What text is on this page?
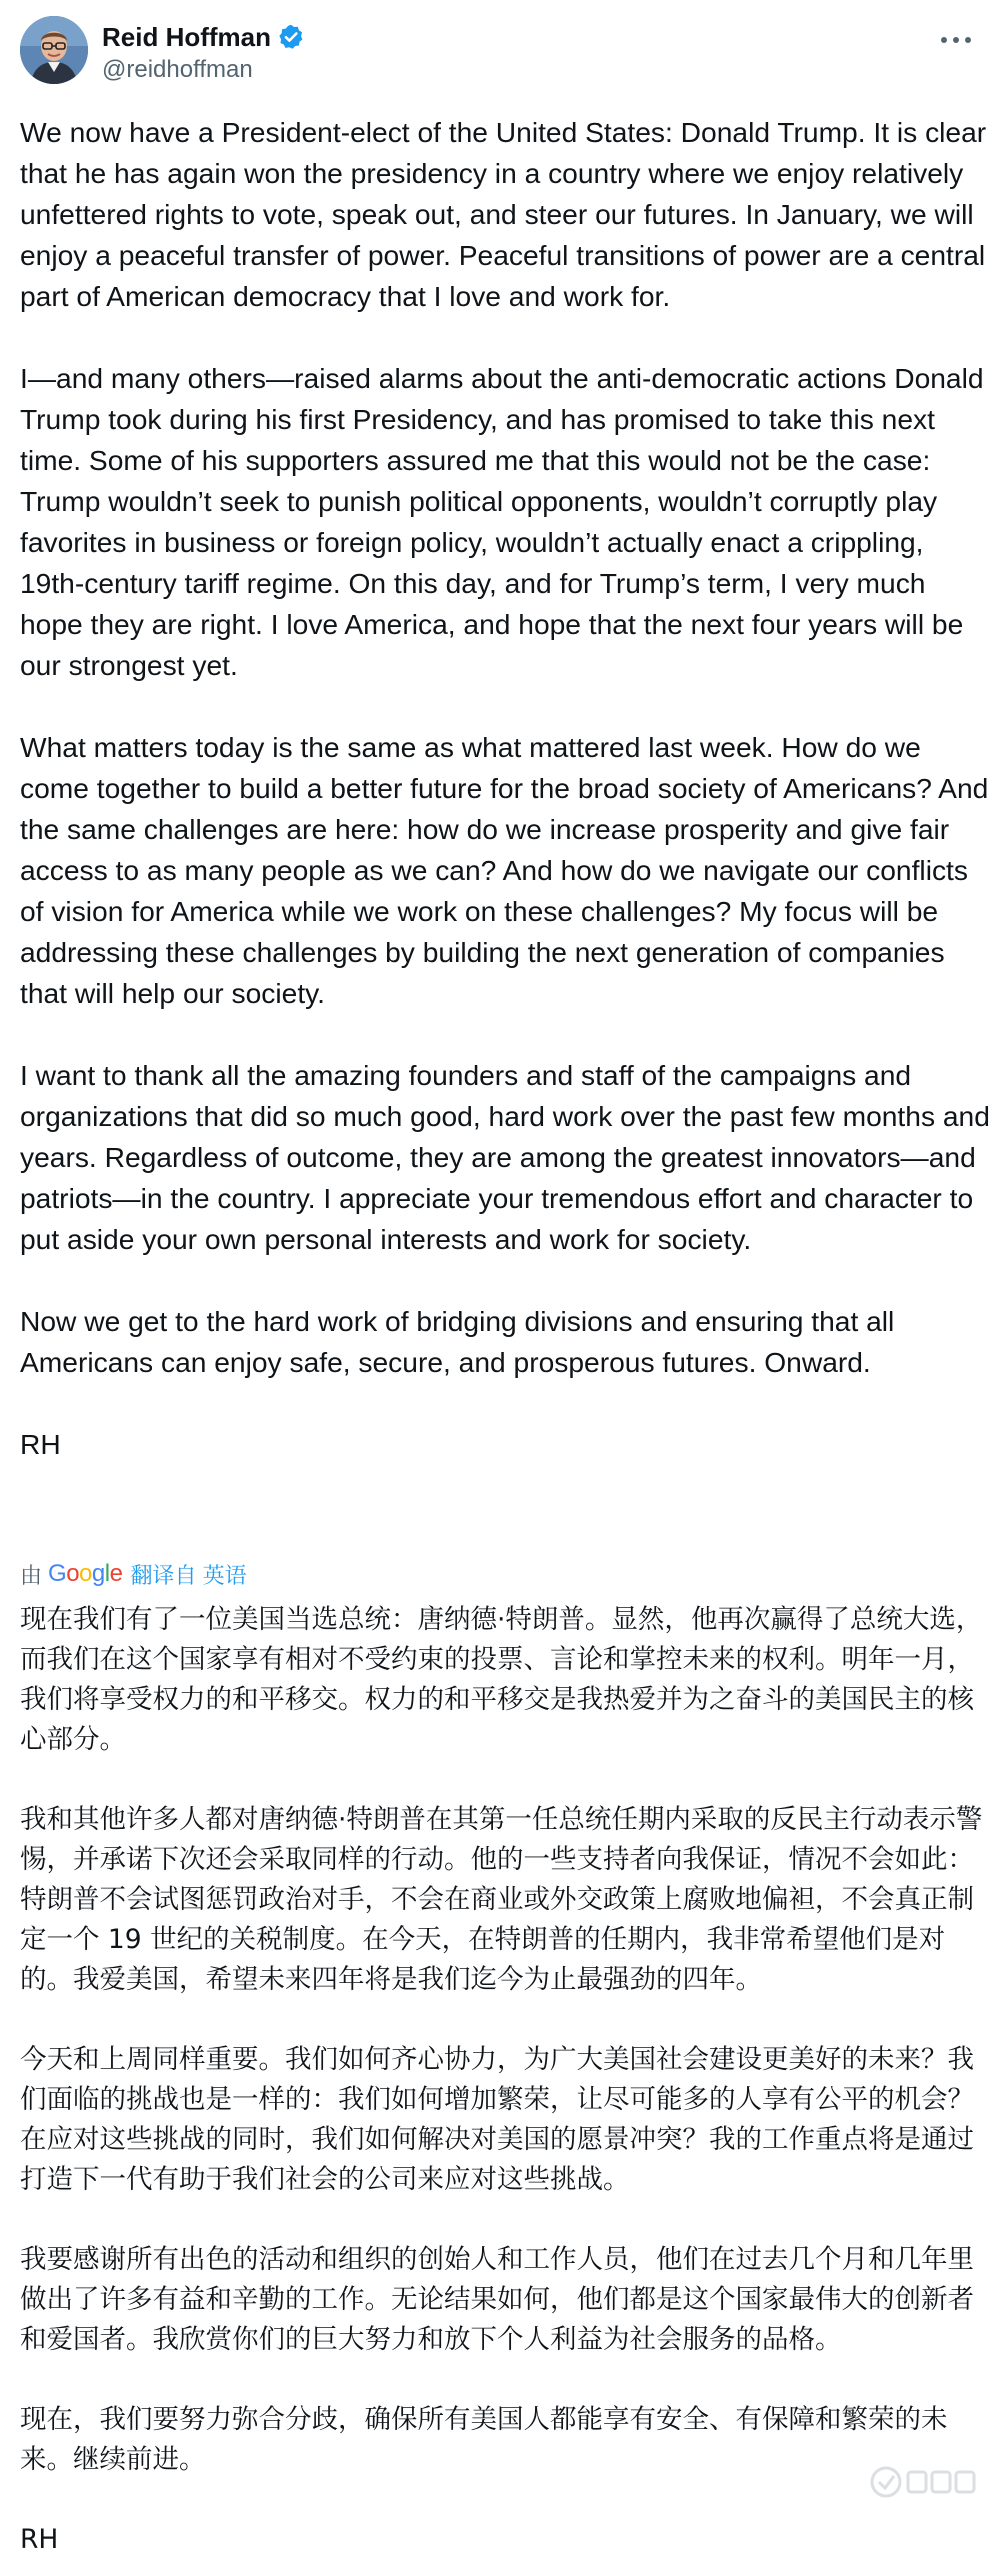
Reid Hoffman
@reidhoffman

We now have a President-elect of the United States: Donald Trump. It is clear that he has again won the presidency in a country where we enjoy relatively unfettered rights to vote, speak out, and steer our futures. In January, we will enjoy a peaceful transfer of power. Peaceful transitions of power are a central part of American democracy that I love and work for.

I—and many others—raised alarms about the anti-democratic actions Donald Trump took during his first Presidency, and has promised to take this next time. Some of his supporters assured me that this would not be the case: Trump wouldn’t seek to punish political opponents, wouldn’t corruptly play favorites in business or foreign policy, wouldn’t actually enact a crippling, 19th-century tariff regime. On this day, and for Trump’s term, I very much hope they are right. I love America, and hope that the next four years will be our strongest yet.

What matters today is the same as what mattered last week. How do we come together to build a better future for the broad society of Americans? And the same challenges are here: how do we increase prosperity and give fair access to as many people as we can? And how do we navigate our conflicts of vision for America while we work on these challenges? My focus will be addressing these challenges by building the next generation of companies that will help our society.

I want to thank all the amazing founders and staff of the campaigns and organizations that did so much good, hard work over the past few months and years. Regardless of outcome, they are among the greatest innovators—and patriots—in the country. I appreciate your tremendous effort and character to put aside your own personal interests and work for society.

Now we get to the hard work of bridging divisions and ensuring that all Americans can enjoy safe, secure, and prosperous futures. Onward.

RH

由 Google 翻译自 英语

现在我们有了一位美国当选总统：唐纳德·特朗普。显然，他再次赢得了总统大选，而我们在这个国家享有相对不受约束的投票、言论和掌控未来的权利。明年一月，我们将享受权力的和平移交。权力的和平移交是我热爱并为之奋斗的美国民主的核心部分。

我和其他许多人都对唐纳德·特朗普在其第一任总统任期内采取的反民主行动表示警惕，并承诺下次还会采取同样的行动。他的一些支持者向我保证，情况不会如此：特朗普不会试图惩罚政治对手，不会在商业或外交政策上腐败地偏袒，不会真正制定一个 19 世纪的关税制度。在今天，在特朗普的任期内，我非常希望他们是对的。我爱美国，希望未来四年将是我们迄今为止最强劲的四年。

今天和上周同样重要。我们如何齐心协力，为广大美国社会建设更美好的未来？我们面临的挑战也是一样的：我们如何增加繁荣，让尽可能多的人享有公平的机会？在应对这些挑战的同时，我们如何解决对美国的愿景冲突？我的工作重点将是通过打造下一代有助于我们社会的公司来应对这些挑战。

我要感谢所有出色的活动和组织的创始人和工作人员，他们在过去几个月和几年里做出了许多有益和辛勤的工作。无论结果如何，他们都是这个国家最伟大的创新者和爱国者。我欣赏你们的巨大努力和放下个人利益为社会服务的品格。

现在，我们要努力弥合分歧，确保所有美国人都能享有安全、有保障和繁荣的未来。继续前进。

RH
